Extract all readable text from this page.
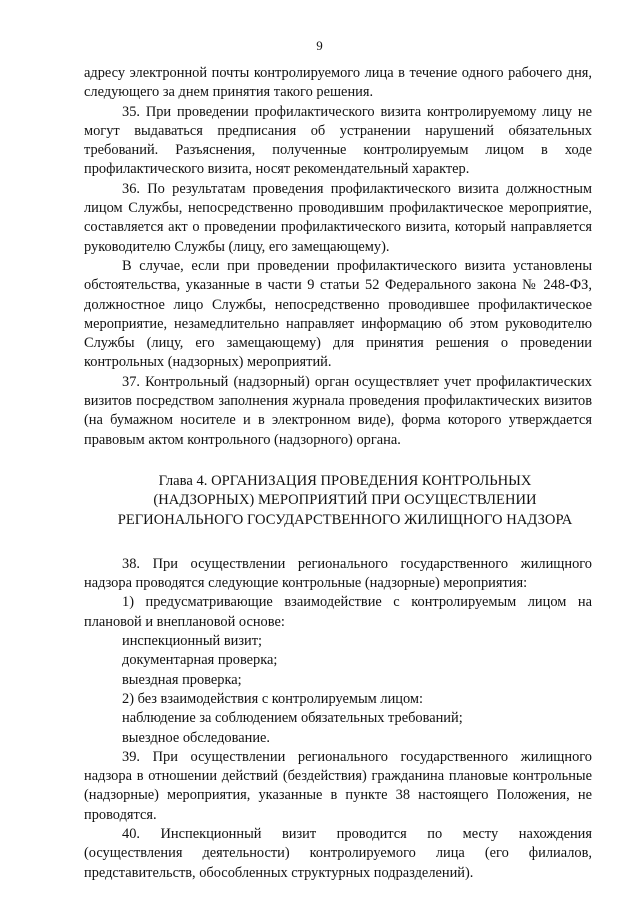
9

адресу электронной почты контролируемого лица в течение одного рабочего дня, следующего за днем принятия такого решения.

35. При проведении профилактического визита контролируемому лицу не могут выдаваться предписания об устранении нарушений обязательных требований. Разъяснения, полученные контролируемым лицом в ходе профилактического визита, носят рекомендательный характер.

36. По результатам проведения профилактического визита должностным лицом Службы, непосредственно проводившим профилактическое мероприятие, составляется акт о проведении профилактического визита, который направляется руководителю Службы (лицу, его замещающему).

В случае, если при проведении профилактического визита установлены обстоятельства, указанные в части 9 статьи 52 Федерального закона № 248-ФЗ, должностное лицо Службы, непосредственно проводившее профилактическое мероприятие, незамедлительно направляет информацию об этом руководителю Службы (лицу, его замещающему) для принятия решения о проведении контрольных (надзорных) мероприятий.

37. Контрольный (надзорный) орган осуществляет учет профилактических визитов посредством заполнения журнала проведения профилактических визитов (на бумажном носителе и в электронном виде), форма которого утверждается правовым актом контрольного (надзорного) органа.

Глава 4. ОРГАНИЗАЦИЯ ПРОВЕДЕНИЯ КОНТРОЛЬНЫХ
(НАДЗОРНЫХ) МЕРОПРИЯТИЙ ПРИ ОСУЩЕСТВЛЕНИИ
РЕГИОНАЛЬНОГО ГОСУДАРСТВЕННОГО ЖИЛИЩНОГО НАДЗОРА

38. При осуществлении регионального государственного жилищного надзора проводятся следующие контрольные (надзорные) мероприятия:

1) предусматривающие взаимодействие с контролируемым лицом на плановой и внеплановой основе:

инспекционный визит;

документарная проверка;

выездная проверка;

2) без взаимодействия с контролируемым лицом:

наблюдение за соблюдением обязательных требований;

выездное обследование.

39. При осуществлении регионального государственного жилищного надзора в отношении действий (бездействия) гражданина плановые контрольные (надзорные) мероприятия, указанные в пункте 38 настоящего Положения, не проводятся.

40. Инспекционный визит проводится по месту нахождения (осуществления деятельности) контролируемого лица (его филиалов, представительств, обособленных структурных подразделений).
